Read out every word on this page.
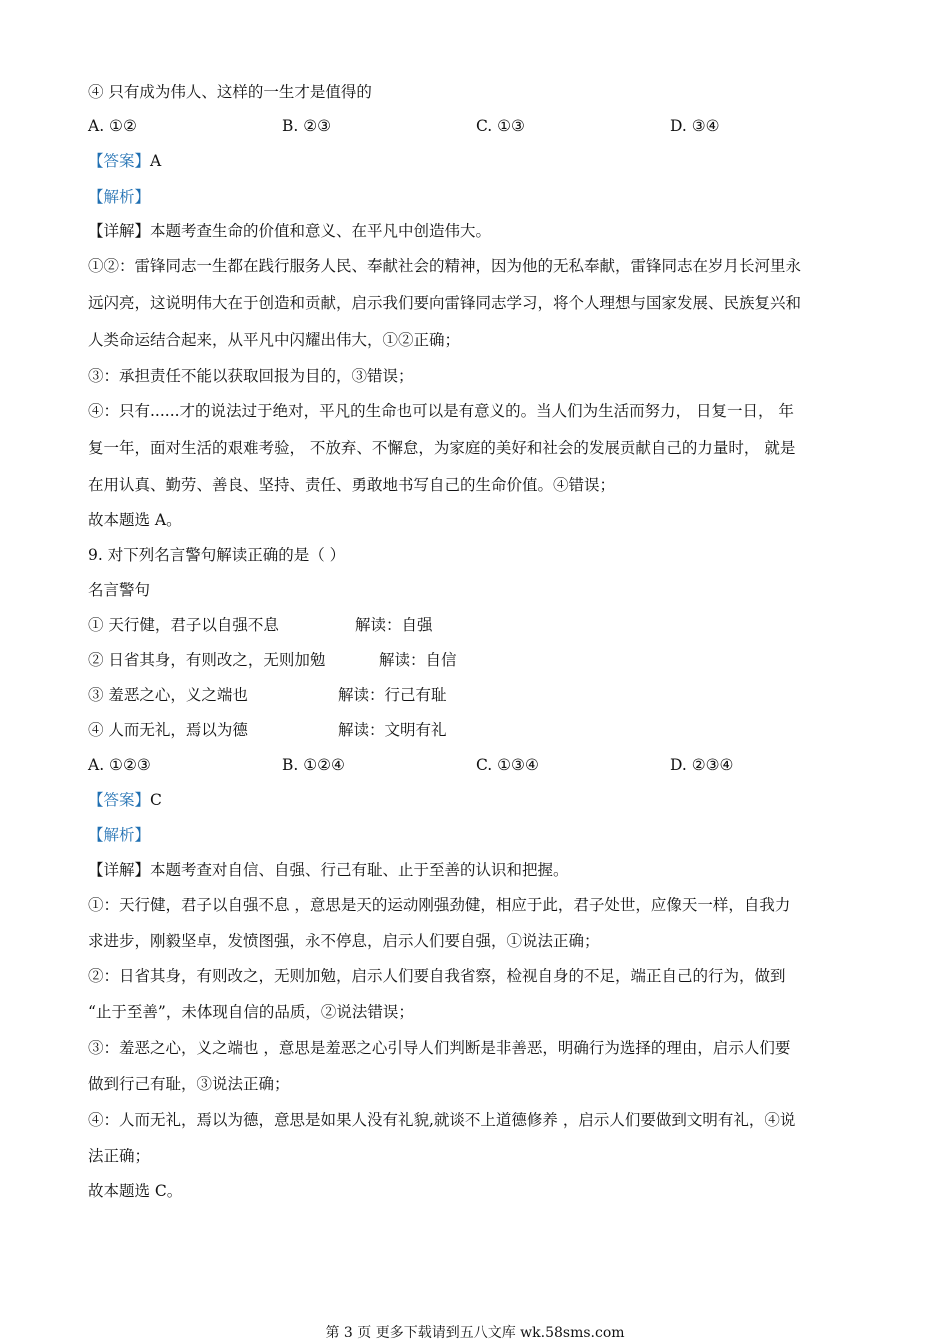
④ 只有成为伟人、这样的一生才是值得的
A. ①②	B. ②③	C. ①③	D. ③④
【答案】A
【解析】
【详解】本题考查生命的价值和意义、在平凡中创造伟大。
①②：雷锋同志一生都在践行服务人民、奉献社会的精神，因为他的无私奉献，雷锋同志在岁月长河里永
远闪亮，这说明伟大在于创造和贡献，启示我们要向雷锋同志学习，将个人理想与国家发展、民族复兴和
人类命运结合起来，从平凡中闪耀出伟大，①②正确；
③：承担责任不能以获取回报为目的，③错误；
④：只有......才的说法过于绝对，平凡的生命也可以是有意义的。当人们为生活而努力， 日复一日， 年
复一年，面对生活的艰难考验， 不放弃、不懈怠，为家庭的美好和社会的发展贡献自己的力量时， 就是
在用认真、勤劳、善良、坚持、责任、勇敢地书写自己的生命价值。④错误；
故本题选 A。
9. 对下列名言警句解读正确的是（ ）
名言警句
① 天行健，君子以自强不息	解读：自强
② 日省其身，有则改之，无则加勉	解读：自信
③ 羞恶之心，义之端也	解读：行己有耻
④ 人而无礼，焉以为德	解读：文明有礼
A. ①②③	B. ①②④	C. ①③④	D. ②③④
【答案】C
【解析】
【详解】本题考查对自信、自强、行己有耻、止于至善的认识和把握。
①：天行健，君子以自强不息 ，意思是天的运动刚强劲健，相应于此，君子处世，应像天一样，自我力
求进步，刚毅坚卓，发愤图强，永不停息，启示人们要自强，①说法正确；
②：日省其身，有则改之，无则加勉，启示人们要自我省察，检视自身的不足，端正自己的行为，做到
“止于至善”，未体现自信的品质，②说法错误；
③：羞恶之心，义之端也 ，意思是羞恶之心引导人们判断是非善恶，明确行为选择的理由，启示人们要
做到行己有耻，③说法正确；
④：人而无礼，焉以为德，意思是如果人没有礼貌,就谈不上道德修养 ，启示人们要做到文明有礼，④说
法正确；
故本题选 C。
第 3 页 更多下载请到五八文库 wk.58sms.com
